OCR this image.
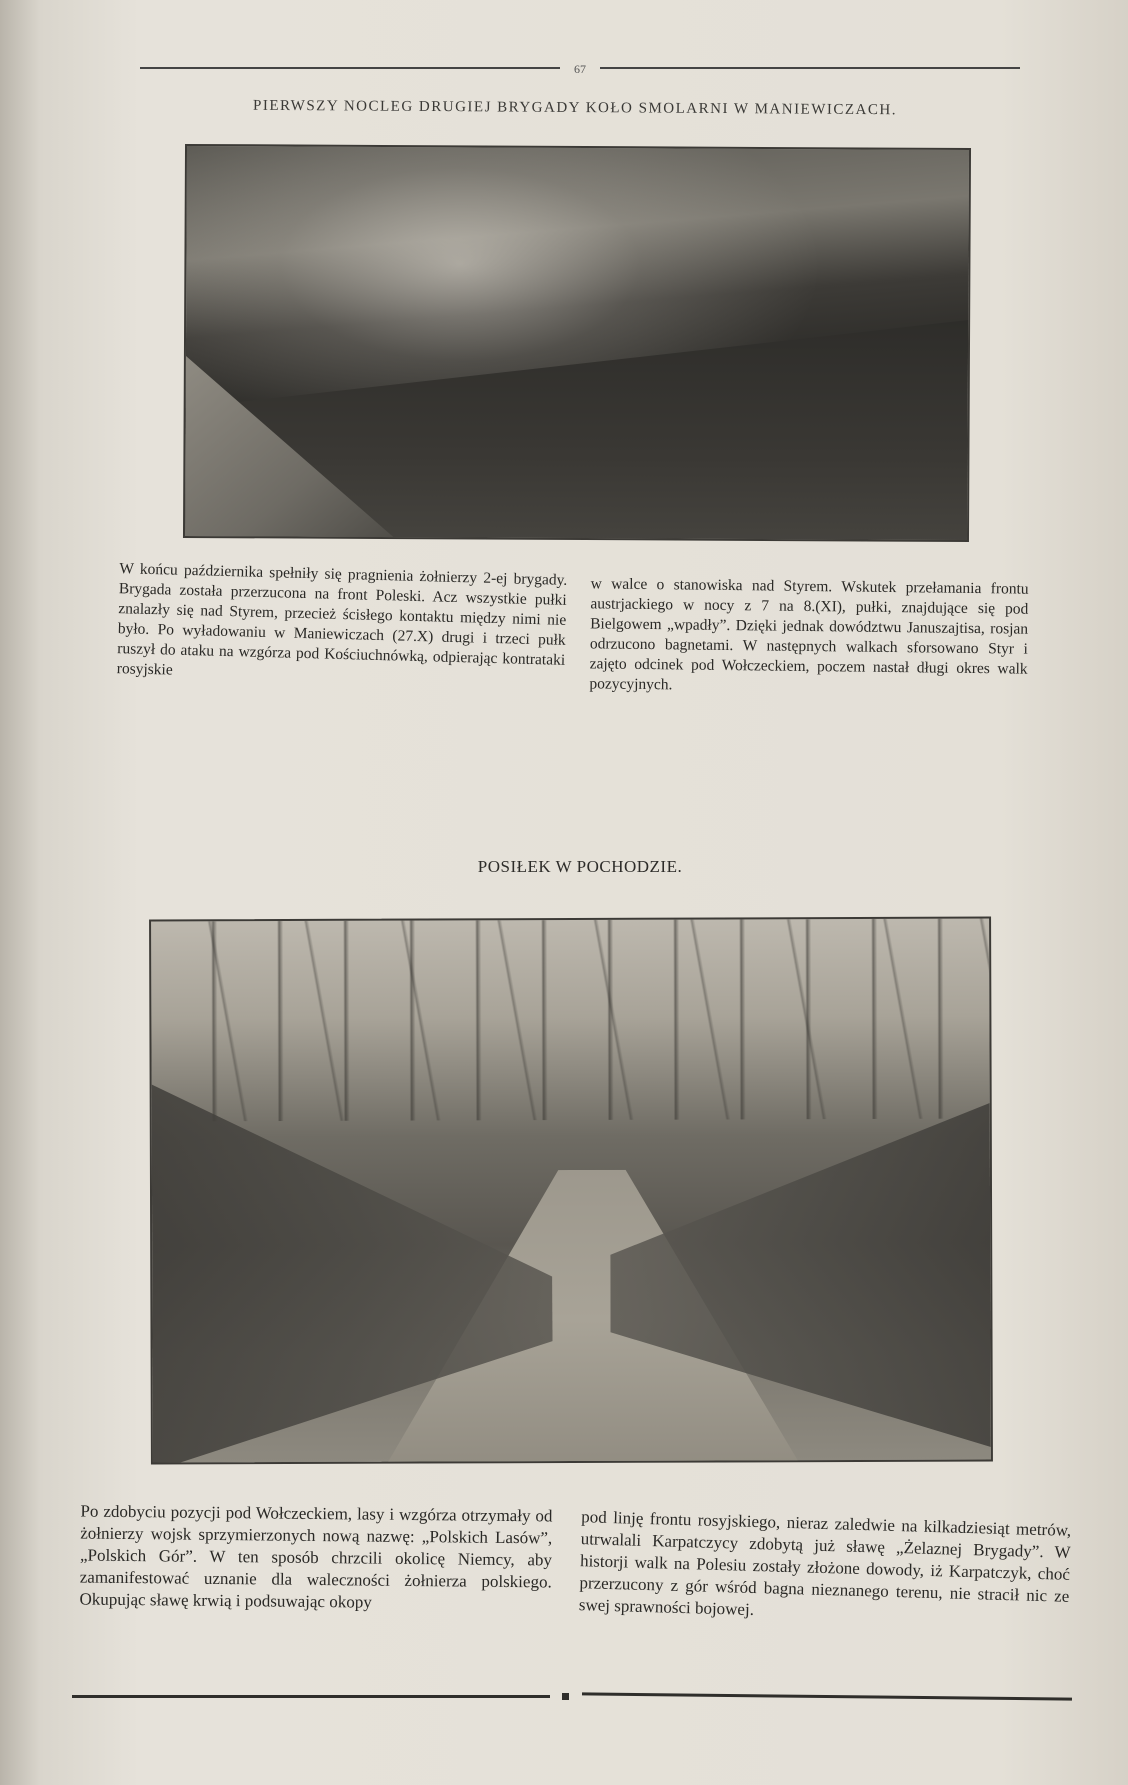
67
PIERWSZY NOCLEG DRUGIEJ BRYGADY KOŁO SMOLARNI W MANIEWICZACH.
W końcu października spełniły się pragnienia żołnierzy 2-ej brygady. Brygada została przerzucona na front Poleski. Acz wszystkie pułki znalazły się nad Styrem, przecież ścisłego kontaktu między nimi nie było. Po wyładowaniu w Maniewiczach (27.X) drugi i trzeci pułk ruszył do ataku na wzgórza pod Kościuchnówką, odpierając kontrataki rosyjskie
w walce o stanowiska nad Styrem. Wskutek przełamania frontu austrjackiego w nocy z 7 na 8.(XI), pułki, znajdujące się pod Bielgowem „wpadły”. Dzięki jednak dowództwu Januszajtisa, rosjan odrzucono bagnetami. W następnych walkach sforsowano Styr i zajęto odcinek pod Wołczeckiem, poczem nastał długi okres walk pozycyjnych.
POSIŁEK W POCHODZIE.
Po zdobyciu pozycji pod Wołczeckiem, lasy i wzgórza otrzymały od żołnierzy wojsk sprzymierzonych nową nazwę: „Polskich Lasów”, „Polskich Gór”. W ten sposób chrzcili okolicę Niemcy, aby zamanifestować uznanie dla waleczności żołnierza polskiego. Okupując sławę krwią i podsuwając okopy
pod linję frontu rosyjskiego, nieraz zaledwie na kilkadziesiąt metrów, utrwalali Karpatczycy zdobytą już sławę „Żelaznej Brygady”. W historji walk na Polesiu zostały złożone dowody, iż Karpatczyk, choć przerzucony z gór wśród bagna nieznanego terenu, nie stracił nic ze swej sprawności bojowej.
